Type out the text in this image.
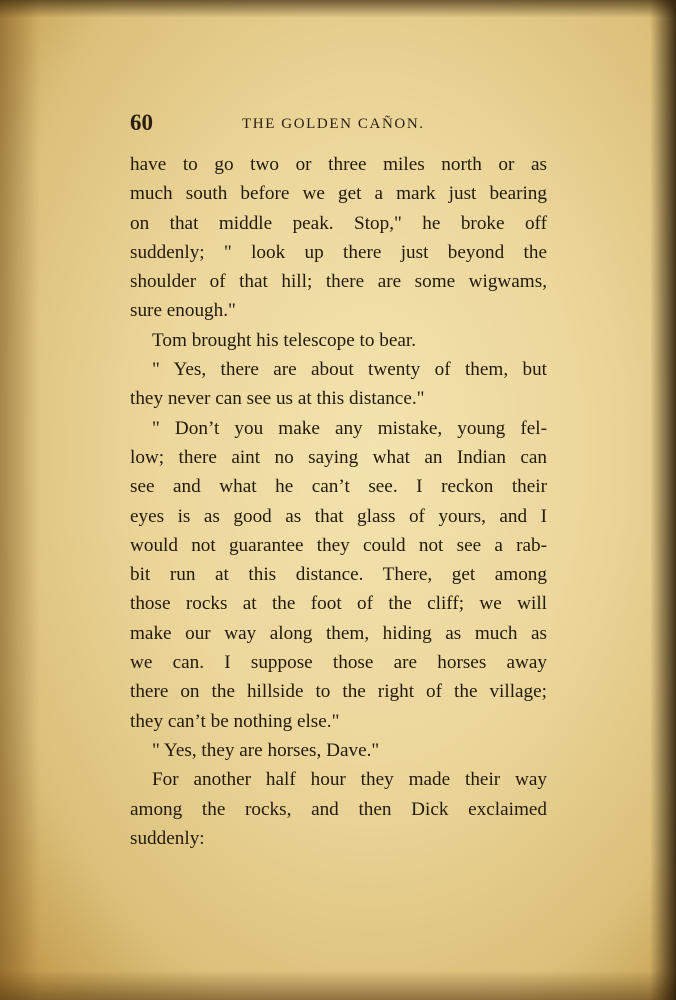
60	THE GOLDEN CAÑON.
have to go two or three miles north or as
much south before we get a mark just bearing
on that middle peak. Stop," he broke off
suddenly; " look up there just beyond the
shoulder of that hill; there are some wigwams,
sure enough."
Tom brought his telescope to bear.
" Yes, there are about twenty of them, but
they never can see us at this distance."
" Don’t you make any mistake, young fel-
low; there aint no saying what an Indian can
see and what he can’t see. I reckon their
eyes is as good as that glass of yours, and I
would not guarantee they could not see a rab-
bit run at this distance. There, get among
those rocks at the foot of the cliff; we will
make our way along them, hiding as much as
we can. I suppose those are horses away
there on the hillside to the right of the village;
they can’t be nothing else."
" Yes, they are horses, Dave."
For another half hour they made their way
among the rocks, and then Dick exclaimed
suddenly:
